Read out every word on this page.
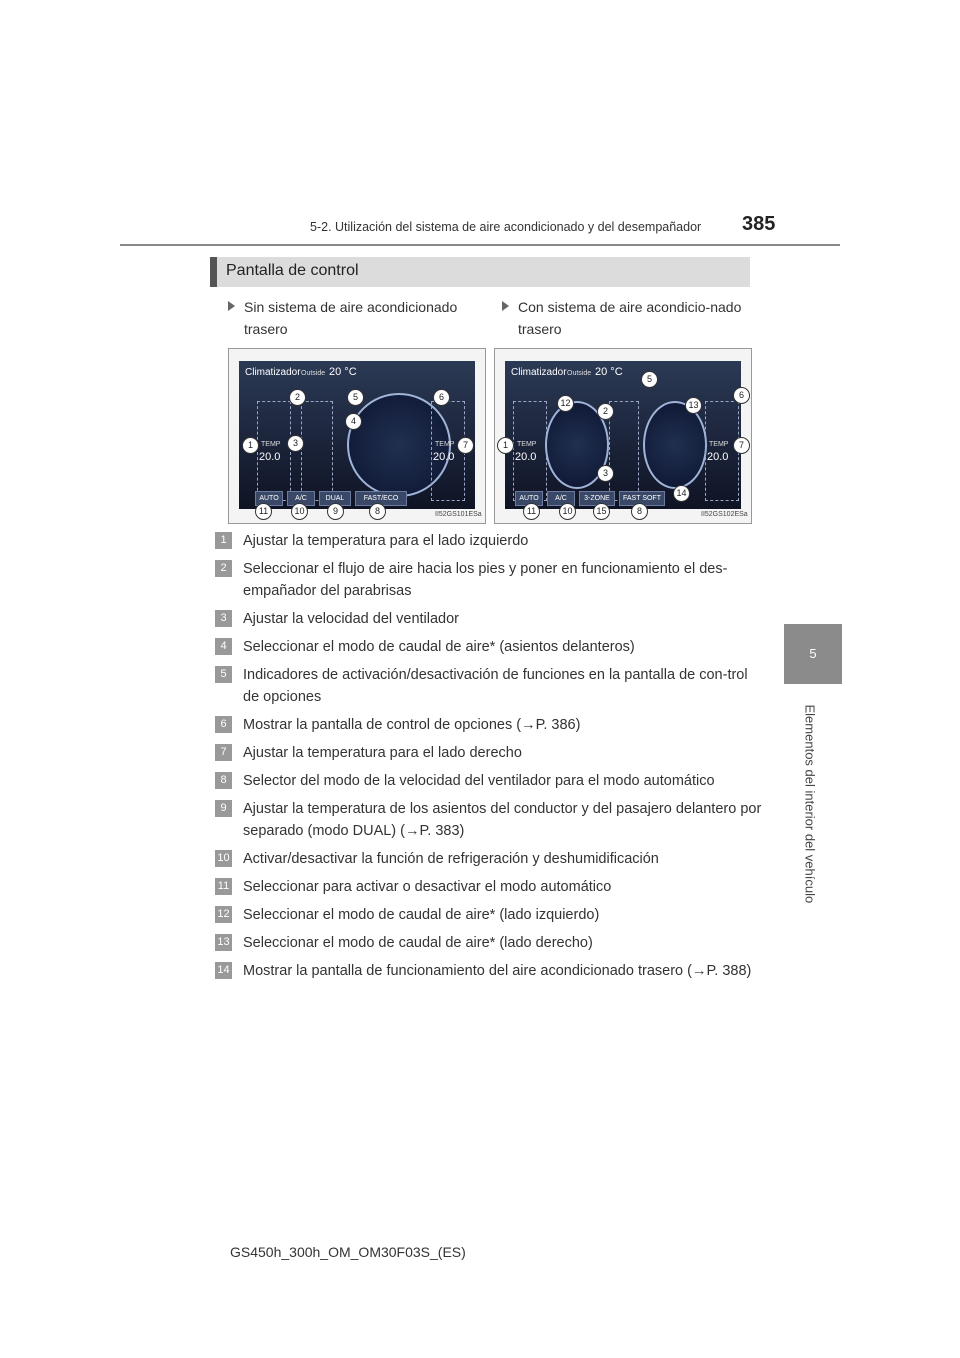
5-2. Utilización del sistema de aire acondicionado y del desempañador 385
5
Elementos del interior del vehículo
Pantalla de control
Sin sistema de aire acondicionado trasero
Con sistema de aire acondicio-nado trasero
Climatizador Outside 20 °C
TEMP
20.0
TEMP
20.0
AUTO	A/C	DUAL	FAST/ECO
1
2
3
4
5	6
7
8
9
10
11	II52GS101ESa
Climatizador Outside 20 °C
TEMP
20.0
TEMP
20.0
AUTO	A/C	3-ZONE	FAST SOFT
1
2
3
5
6
7
8
10
11
12	13
14
15	II52GS102ESa
1	Ajustar la temperatura para el lado izquierdo
2	Seleccionar el flujo de aire hacia los pies y poner en funcionamiento el des-empañador del parabrisas
3	Ajustar la velocidad del ventilador
4	Seleccionar el modo de caudal de aire* (asientos delanteros)
5	Indicadores de activación/desactivación de funciones en la pantalla de con-trol de opciones
6	Mostrar la pantalla de control de opciones (→P. 386)
7	Ajustar la temperatura para el lado derecho
8	Selector del modo de la velocidad del ventilador para el modo automático
9	Ajustar la temperatura de los asientos del conductor y del pasajero delantero por separado (modo DUAL) (→P. 383)
10 Activar/desactivar la función de refrigeración y deshumidificación
11 Seleccionar para activar o desactivar el modo automático
12 Seleccionar el modo de caudal de aire* (lado izquierdo)
13 Seleccionar el modo de caudal de aire* (lado derecho)
14 Mostrar la pantalla de funcionamiento del aire acondicionado trasero (→P. 388)
GS450h_300h_OM_OM30F03S_(ES)
